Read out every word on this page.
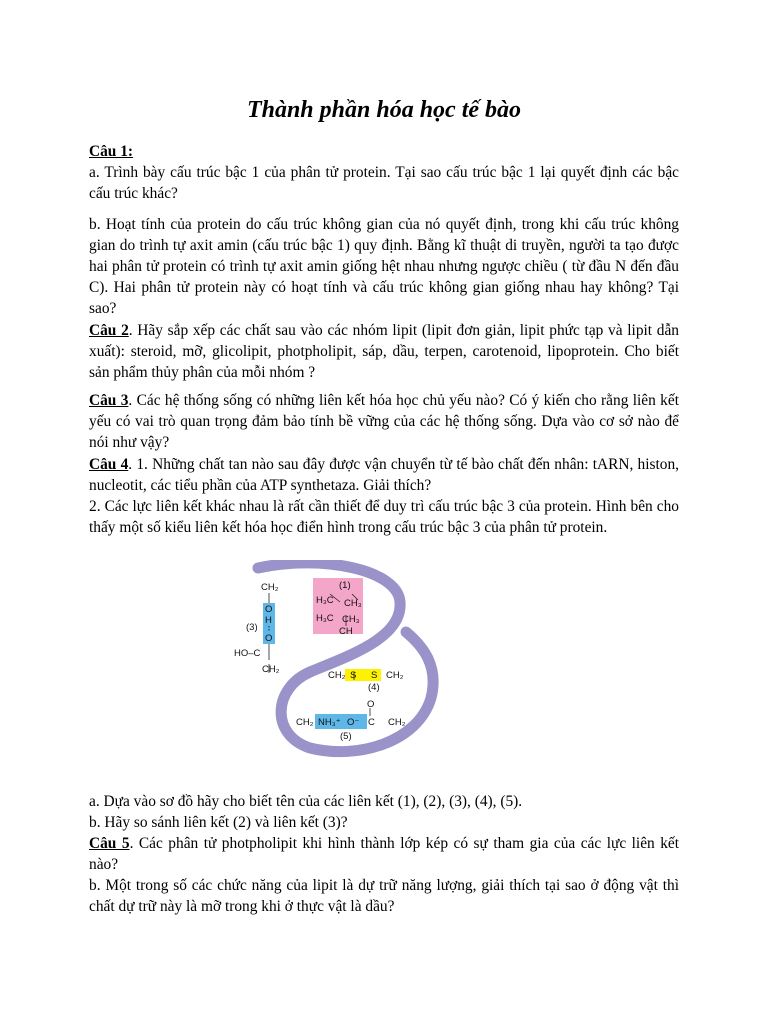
Thành phần hóa học tế bào

Câu 1:

a. Trình bày cấu trúc bậc 1 của phân tử protein. Tại sao cấu trúc bậc 1 lại quyết định các bậc cấu trúc khác?

b. Hoạt tính của protein do cấu trúc không gian của nó quyết định, trong khi cấu trúc không gian do trình tự axit amin (cấu trúc bậc 1) quy định. Bằng kĩ thuật di truyền, người ta tạo được hai phân tử protein có trình tự axit amin giống hệt nhau nhưng ngược chiều ( từ đầu N đến đầu C). Hai phân tử protein này có hoạt tính và cấu trúc không gian giống nhau hay không? Tại sao?

Câu 2. Hãy sắp xếp các chất sau vào các nhóm lipit (lipit đơn giản, lipit phức tạp và lipit dẫn xuất): steroid, mỡ, glicolipit, photpholipit, sáp, dầu, terpen, carotenoid, lipoprotein. Cho biết sản phẩm thủy phân của mỗi nhóm ?

Câu 3. Các hệ thống sống có những liên kết hóa học chủ yếu nào? Có ý kiến cho rằng liên kết yếu có vai trò quan trọng đảm bảo tính bề vững của các hệ thống sống. Dựa vào cơ sở nào để nói như vậy?

Câu 4. 1. Những chất tan nào sau đây được vận chuyển từ tế bào chất đến nhân: tARN, histon, nucleotit, các tiểu phần của ATP synthetaza. Giải thích?

2. Các lực liên kết khác nhau là rất cần thiết để duy trì cấu trúc bậc 3 của protein. Hình bên cho thấy một số kiểu liên kết hóa học điển hình trong cấu trúc bậc 3 của phân tử protein.

CH₂
O
H
O
(3)
HO–C
CH₂
(1)
H₃C CH₃
H₃C CH₃
CH
CH₂ S S CH₂
(4)
O
CH₂ NH₃⁺ O⁻ C CH₂
(5)

a. Dựa vào sơ đồ hãy cho biết tên của các liên kết (1), (2), (3), (4), (5).

b. Hãy so sánh liên kết (2) và liên kết (3)?

Câu 5. Các phân tử photpholipit khi hình thành lớp kép có sự tham gia của các lực liên kết nào?

b. Một trong số các chức năng của lipit là dự trữ năng lượng, giải thích tại sao ở động vật thì chất dự trữ này là mỡ trong khi ở thực vật là dầu?
